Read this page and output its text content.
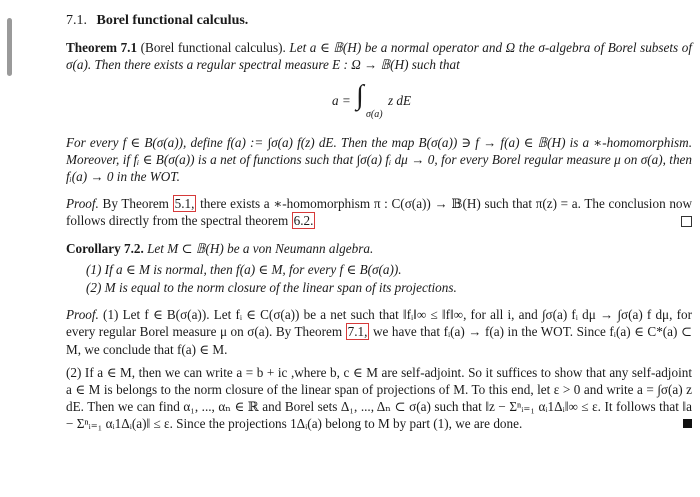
7.1. Borel functional calculus.
Theorem 7.1 (Borel functional calculus). Let a ∈ 𝔹(H) be a normal operator and Ω the σ-algebra of Borel subsets of σ(a). Then there exists a regular spectral measure E : Ω → 𝔹(H) such that
a = ∫
σ(a)
z dE
For every f ∈ B(σ(a)), define f(a) := ∫σ(a) f(z) dE. Then the map B(σ(a)) ∋ f → f(a) ∈ 𝔹(H) is a ∗-homomorphism. Moreover, if fᵢ ∈ B(σ(a)) is a net of functions such that ∫σ(a) fᵢ dμ → 0, for every Borel regular measure μ on σ(a), then fᵢ(a) → 0 in the WOT.
Proof. By Theorem 5.1, there exists a ∗-homomorphism π : C(σ(a)) → 𝔹(H) such that π(z) = a. The conclusion now follows directly from the spectral theorem 6.2.
Corollary 7.2. Let M ⊂ 𝔹(H) be a von Neumann algebra.
(1) If a ∈ M is normal, then f(a) ∈ M, for every f ∈ B(σ(a)).
(2) M is equal to the norm closure of the linear span of its projections.
Proof. (1) Let f ∈ B(σ(a)). Let fᵢ ∈ C(σ(a)) be a net such that ‖fᵢ‖∞ ≤ ‖f‖∞, for all i, and ∫σ(a) fᵢ dμ → ∫σ(a) f dμ, for every regular Borel measure μ on σ(a). By Theorem 7.1, we have that fᵢ(a) → f(a) in the WOT. Since fᵢ(a) ∈ C*(a) ⊂ M, we conclude that f(a) ∈ M.
(2) If a ∈ M, then we can write a = b + ic ,where b, c ∈ M are self-adjoint. So it suffices to show that any self-adjoint a ∈ M is belongs to the norm closure of the linear span of projections of M. To this end, let ε > 0 and write a = ∫σ(a) z dE. Then we can find α₁, ..., αₙ ∈ ℝ and Borel sets Δ₁, ..., Δₙ ⊂ σ(a) such that ‖z − Σⁿᵢ₌₁ αᵢ1Δᵢ‖∞ ≤ ε. It follows that ‖a − Σⁿᵢ₌₁ αᵢ1Δᵢ(a)‖ ≤ ε. Since the projections 1Δᵢ(a) belong to M by part (1), we are done.
